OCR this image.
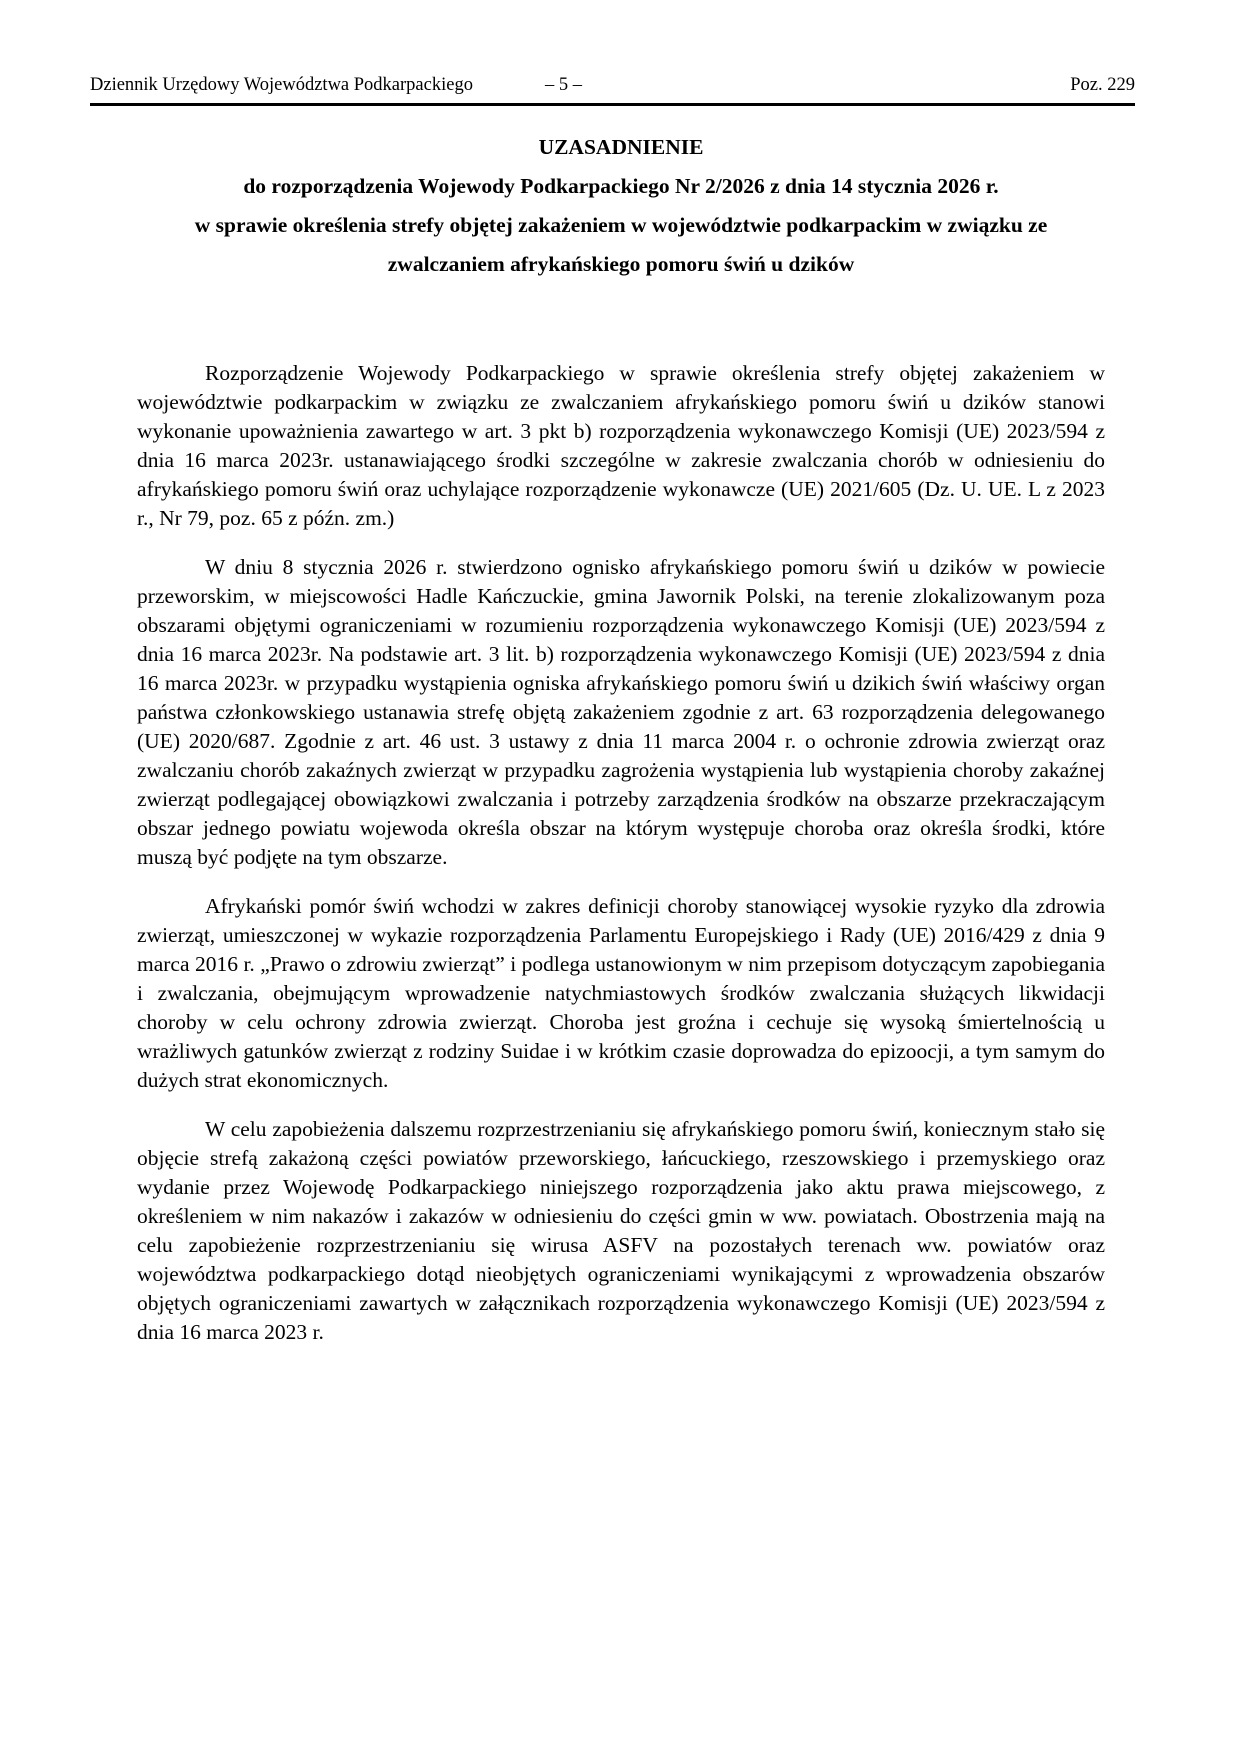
Dziennik Urzędowy Województwa Podkarpackiego	– 5 –	Poz. 229
UZASADNIENIE
do rozporządzenia Wojewody Podkarpackiego Nr 2/2026 z dnia 14 stycznia 2026 r.
w sprawie określenia strefy objętej zakażeniem w województwie podkarpackim w związku ze
zwalczaniem afrykańskiego pomoru świń u dzików

Rozporządzenie Wojewody Podkarpackiego w sprawie określenia strefy objętej zakażeniem w województwie podkarpackim w związku ze zwalczaniem afrykańskiego pomoru świń u dzików stanowi wykonanie upoważnienia zawartego w art. 3 pkt b) rozporządzenia wykonawczego Komisji (UE) 2023/594 z dnia 16 marca 2023r. ustanawiającego środki szczególne w zakresie zwalczania chorób w odniesieniu do afrykańskiego pomoru świń oraz uchylające rozporządzenie wykonawcze (UE) 2021/605 (Dz. U. UE. L z 2023 r., Nr 79, poz. 65 z późn. zm.)

W dniu 8 stycznia 2026 r. stwierdzono ognisko afrykańskiego pomoru świń u dzików w powiecie przeworskim, w miejscowości Hadle Kańczuckie, gmina Jawornik Polski, na terenie zlokalizowanym poza obszarami objętymi ograniczeniami w rozumieniu rozporządzenia wykonawczego Komisji (UE) 2023/594 z dnia 16 marca 2023r. Na podstawie art. 3 lit. b) rozporządzenia wykonawczego Komisji (UE) 2023/594 z dnia 16 marca 2023r. w przypadku wystąpienia ogniska afrykańskiego pomoru świń u dzikich świń właściwy organ państwa członkowskiego ustanawia strefę objętą zakażeniem zgodnie z art. 63 rozporządzenia delegowanego (UE) 2020/687. Zgodnie z art. 46 ust. 3 ustawy z dnia 11 marca 2004 r. o ochronie zdrowia zwierząt oraz zwalczaniu chorób zakaźnych zwierząt w przypadku zagrożenia wystąpienia lub wystąpienia choroby zakaźnej zwierząt podlegającej obowiązkowi zwalczania i potrzeby zarządzenia środków na obszarze przekraczającym obszar jednego powiatu wojewoda określa obszar na którym występuje choroba oraz określa środki, które muszą być podjęte na tym obszarze.

Afrykański pomór świń wchodzi w zakres definicji choroby stanowiącej wysokie ryzyko dla zdrowia zwierząt, umieszczonej w wykazie rozporządzenia Parlamentu Europejskiego i Rady (UE) 2016/429 z dnia 9 marca 2016 r. „Prawo o zdrowiu zwierząt” i podlega ustanowionym w nim przepisom dotyczącym zapobiegania i zwalczania, obejmującym wprowadzenie natychmiastowych środków zwalczania służących likwidacji choroby w celu ochrony zdrowia zwierząt. Choroba jest groźna i cechuje się wysoką śmiertelnością u wrażliwych gatunków zwierząt z rodziny Suidae i w krótkim czasie doprowadza do epizoocji, a tym samym do dużych strat ekonomicznych.

W celu zapobieżenia dalszemu rozprzestrzenianiu się afrykańskiego pomoru świń, koniecznym stało się objęcie strefą zakażoną części powiatów przeworskiego, łańcuckiego, rzeszowskiego i przemyskiego oraz wydanie przez Wojewodę Podkarpackiego niniejszego rozporządzenia jako aktu prawa miejscowego, z określeniem w nim nakazów i zakazów w odniesieniu do części gmin w ww. powiatach. Obostrzenia mają na celu zapobieżenie rozprzestrzenianiu się wirusa ASFV na pozostałych terenach ww. powiatów oraz województwa podkarpackiego dotąd nieobjętych ograniczeniami wynikającymi z wprowadzenia obszarów objętych ograniczeniami zawartych w załącznikach rozporządzenia wykonawczego Komisji (UE) 2023/594 z dnia 16 marca 2023 r.
